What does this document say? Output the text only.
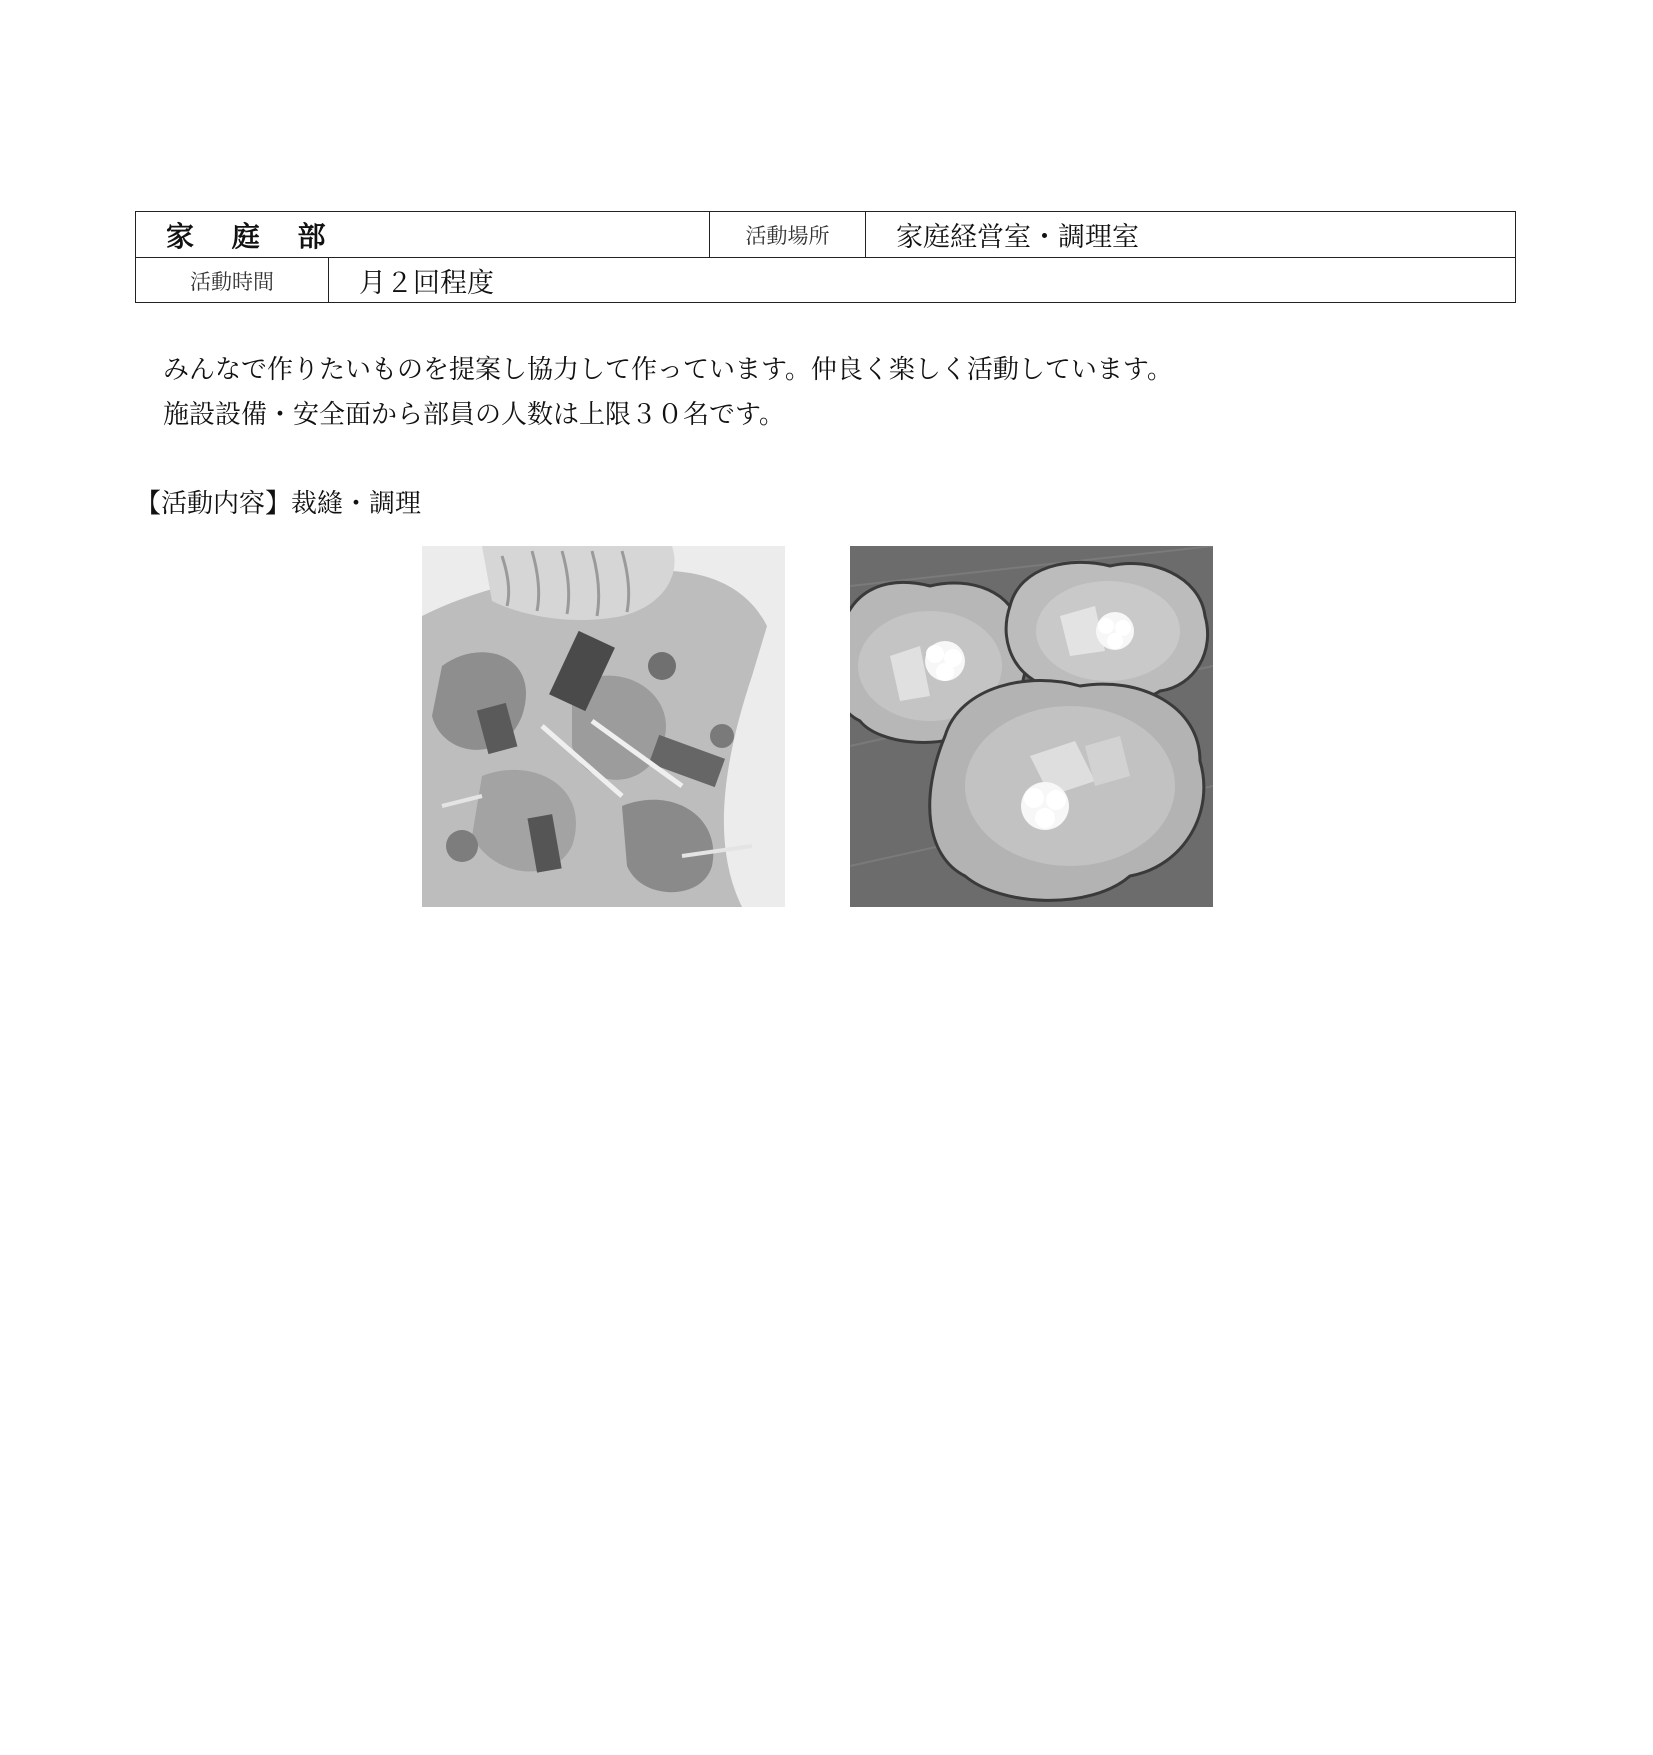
家 庭 部	活動場所	家庭経営室・調理室
活動時間	月２回程度
みんなで作りたいものを提案し協力して作っています。仲良く楽しく活動しています。
施設設備・安全面から部員の人数は上限３０名です。
【活動内容】裁縫・調理
